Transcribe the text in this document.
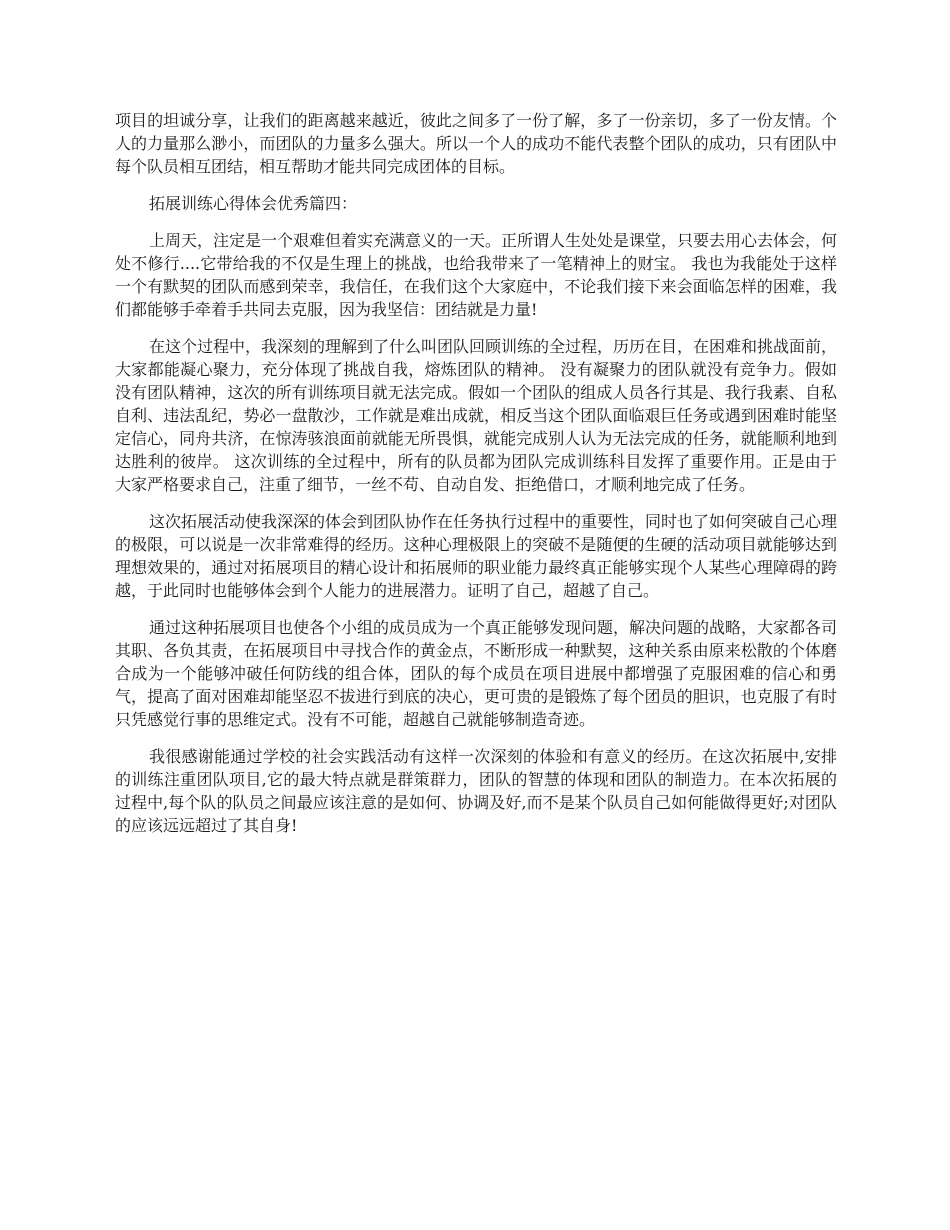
项目的坦诚分享，让我们的距离越来越近，彼此之间多了一份了解，多了一份亲切，多了一份友情。个人的力量那么渺小，而团队的力量多么强大。所以一个人的成功不能代表整个团队的成功，只有团队中每个队员相互团结，相互帮助才能共同完成团体的目标。

拓展训练心得体会优秀篇四：

上周天，注定是一个艰难但着实充满意义的一天。正所谓人生处处是课堂，只要去用心去体会，何处不修行....它带给我的不仅是生理上的挑战，也给我带来了一笔精神上的财宝。 我也为我能处于这样一个有默契的团队而感到荣幸，我信任，在我们这个大家庭中，不论我们接下来会面临怎样的困难，我们都能够手牵着手共同去克服，因为我坚信：团结就是力量!

在这个过程中，我深刻的理解到了什么叫团队回顾训练的全过程，历历在目，在困难和挑战面前，大家都能凝心聚力，充分体现了挑战自我，熔炼团队的精神。 没有凝聚力的团队就没有竞争力。假如没有团队精神，这次的所有训练项目就无法完成。假如一个团队的组成人员各行其是、我行我素、自私自利、违法乱纪，势必一盘散沙，工作就是难出成就，相反当这个团队面临艰巨任务或遇到困难时能坚定信心，同舟共济，在惊涛骇浪面前就能无所畏惧，就能完成别人认为无法完成的任务，就能顺利地到达胜利的彼岸。 这次训练的全过程中，所有的队员都为团队完成训练科目发挥了重要作用。正是由于大家严格要求自己，注重了细节，一丝不苟、自动自发、拒绝借口，才顺利地完成了任务。

这次拓展活动使我深深的体会到团队协作在任务执行过程中的重要性，同时也了如何突破自己心理的极限，可以说是一次非常难得的经历。这种心理极限上的突破不是随便的生硬的活动项目就能够达到理想效果的，通过对拓展项目的精心设计和拓展师的职业能力最终真正能够实现个人某些心理障碍的跨越，于此同时也能够体会到个人能力的进展潜力。证明了自己，超越了自己。

通过这种拓展项目也使各个小组的成员成为一个真正能够发现问题，解决问题的战略，大家都各司其职、各负其责，在拓展项目中寻找合作的黄金点，不断形成一种默契，这种关系由原来松散的个体磨合成为一个能够冲破任何防线的组合体，团队的每个成员在项目进展中都增强了克服困难的信心和勇气，提高了面对困难却能坚忍不拔进行到底的决心，更可贵的是锻炼了每个团员的胆识，也克服了有时只凭感觉行事的思维定式。没有不可能，超越自己就能够制造奇迹。

我很感谢能通过学校的社会实践活动有这样一次深刻的体验和有意义的经历。在这次拓展中,安排的训练注重团队项目,它的最大特点就是群策群力，团队的智慧的体现和团队的制造力。在本次拓展的过程中,每个队的队员之间最应该注意的是如何、协调及好,而不是某个队员自己如何能做得更好;对团队的应该远远超过了其自身!
